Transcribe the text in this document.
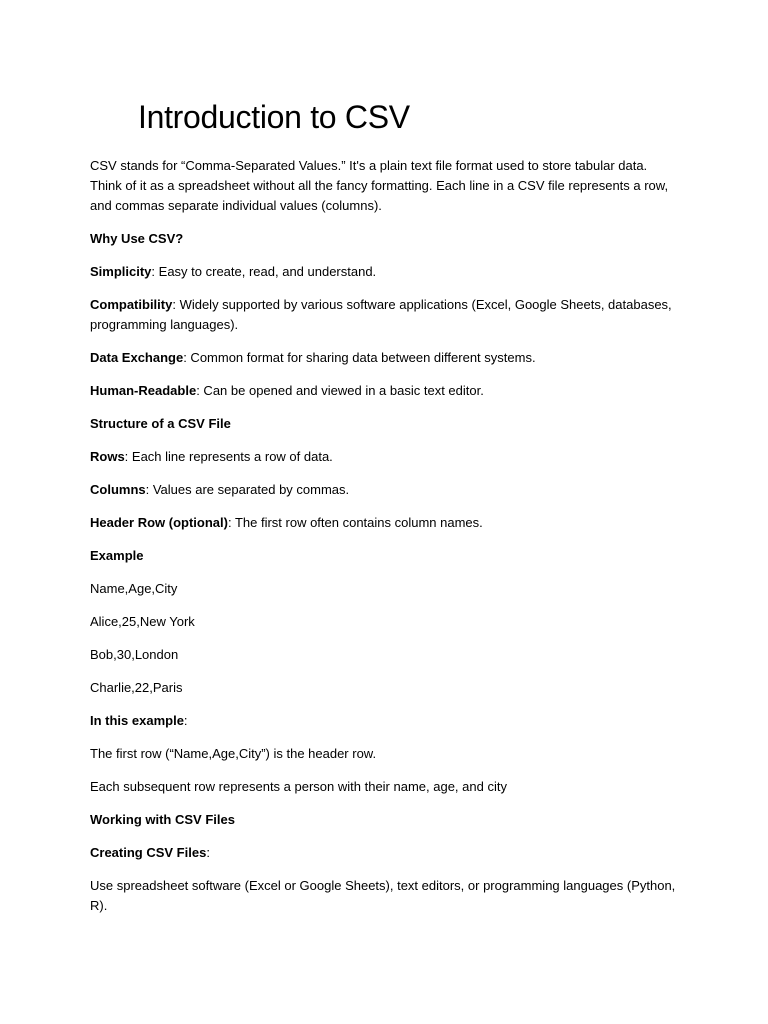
Introduction to CSV

CSV stands for “Comma-Separated Values.” It's a plain text file format used to store tabular data. Think of it as a spreadsheet without all the fancy formatting. Each line in a CSV file represents a row, and commas separate individual values (columns).

Why Use CSV?

Simplicity: Easy to create, read, and understand.

Compatibility: Widely supported by various software applications (Excel, Google Sheets, databases, programming languages).

Data Exchange: Common format for sharing data between different systems.

Human-Readable: Can be opened and viewed in a basic text editor.

Structure of a CSV File

Rows: Each line represents a row of data.

Columns: Values are separated by commas.

Header Row (optional): The first row often contains column names.

Example

Name,Age,City

Alice,25,New York

Bob,30,London

Charlie,22,Paris

In this example:

The first row (“Name,Age,City”) is the header row.

Each subsequent row represents a person with their name, age, and city

Working with CSV Files

Creating CSV Files:

Use spreadsheet software (Excel or Google Sheets), text editors, or programming languages (Python, R).
